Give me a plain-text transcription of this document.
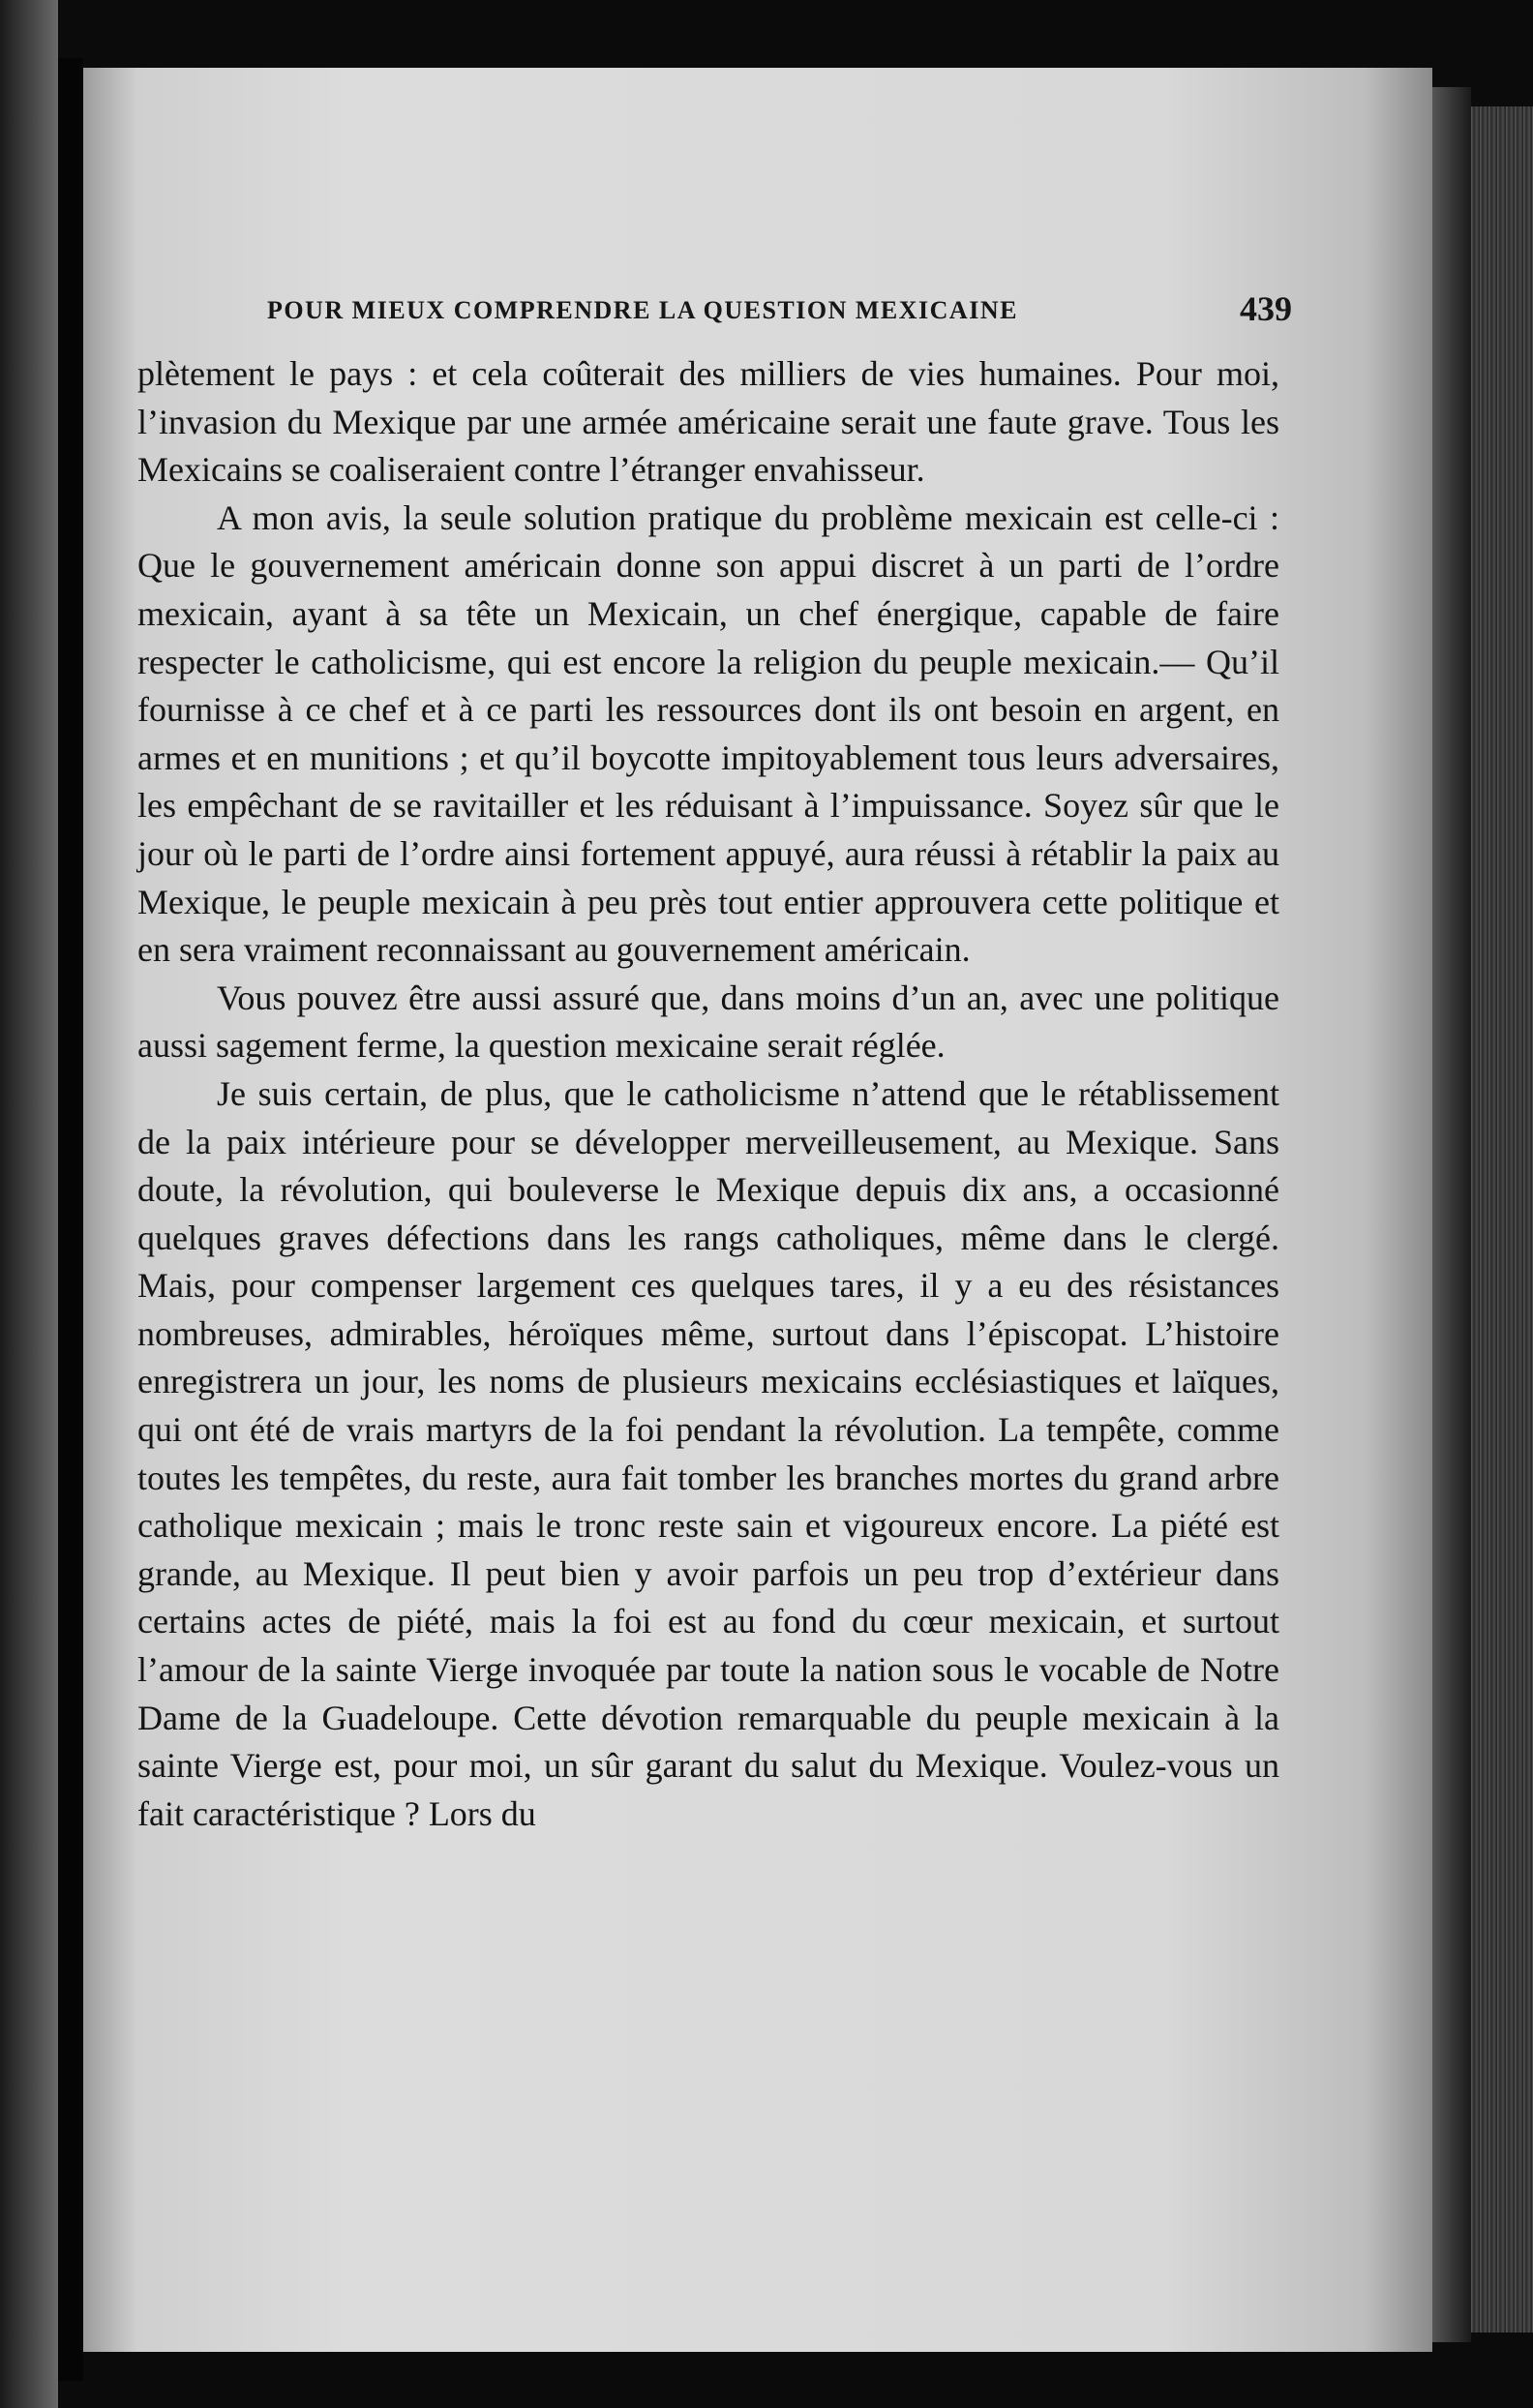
POUR MIEUX COMPRENDRE LA QUESTION MEXICAINE	439

plètement le pays : et cela coûterait des milliers de vies humaines. Pour moi, l’invasion du Mexique par une armée américaine serait une faute grave. Tous les Mexicains se coaliseraient contre l’étranger envahisseur.

A mon avis, la seule solution pratique du problème mexicain est celle-ci : Que le gouvernement américain donne son appui discret à un parti de l’ordre mexicain, ayant à sa tête un Mexicain, un chef énergique, capable de faire respecter le catholicisme, qui est encore la religion du peuple mexicain.— Qu’il fournisse à ce chef et à ce parti les ressources dont ils ont besoin en argent, en armes et en munitions ; et qu’il boycotte impitoyablement tous leurs adversaires, les empêchant de se ravitailler et les réduisant à l’impuissance. Soyez sûr que le jour où le parti de l’ordre ainsi fortement appuyé, aura réussi à rétablir la paix au Mexique, le peuple mexicain à peu près tout entier approuvera cette politique et en sera vraiment reconnaissant au gouvernement américain.

Vous pouvez être aussi assuré que, dans moins d’un an, avec une politique aussi sagement ferme, la question mexicaine serait réglée.

Je suis certain, de plus, que le catholicisme n’attend que le rétablissement de la paix intérieure pour se développer merveilleusement, au Mexique. Sans doute, la révolution, qui bouleverse le Mexique depuis dix ans, a occasionné quelques graves défections dans les rangs catholiques, même dans le clergé. Mais, pour compenser largement ces quelques tares, il y a eu des résistances nombreuses, admirables, héroïques même, surtout dans l’épiscopat. L’histoire enregistrera un jour, les noms de plusieurs mexicains ecclésiastiques et laïques, qui ont été de vrais martyrs de la foi pendant la révolution. La tempête, comme toutes les tempêtes, du reste, aura fait tomber les branches mortes du grand arbre catholique mexicain ; mais le tronc reste sain et vigoureux encore. La piété est grande, au Mexique. Il peut bien y avoir parfois un peu trop d’extérieur dans certains actes de piété, mais la foi est au fond du cœur mexicain, et surtout l’amour de la sainte Vierge invoquée par toute la nation sous le vocable de Notre Dame de la Guadeloupe. Cette dévotion remarquable du peuple mexicain à la sainte Vierge est, pour moi, un sûr garant du salut du Mexique. Voulez-vous un fait caractéristique ? Lors du
